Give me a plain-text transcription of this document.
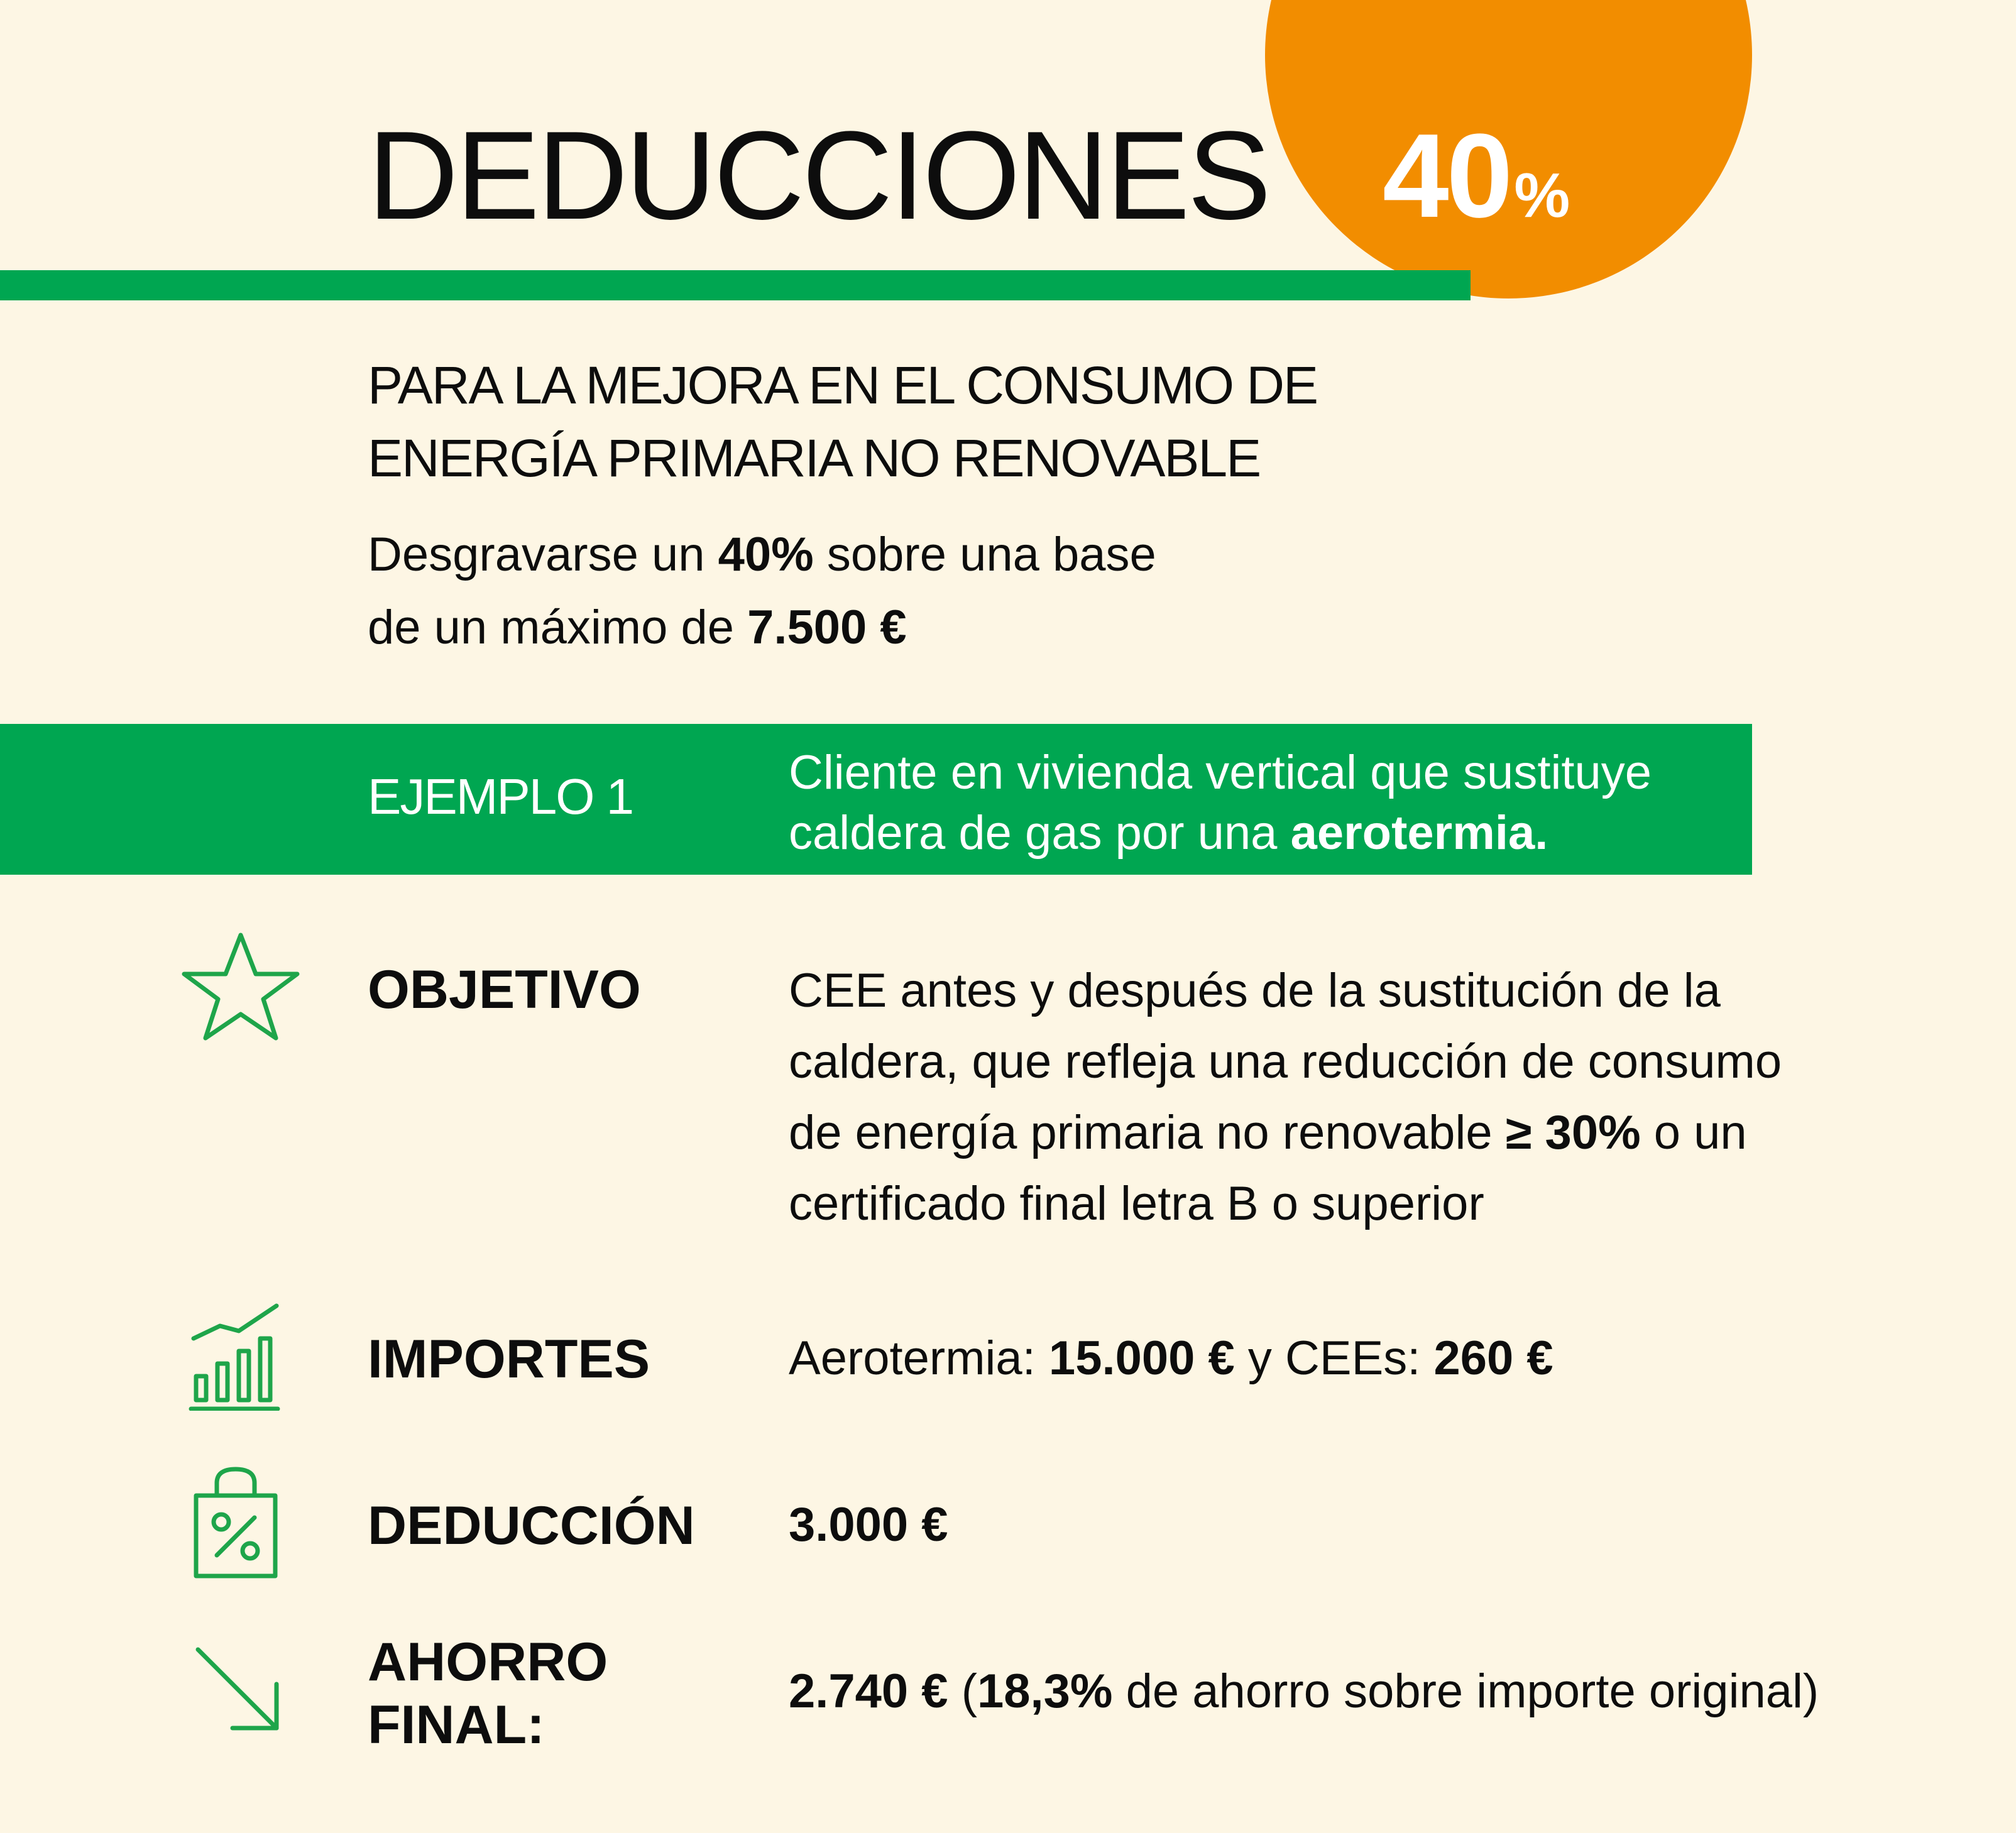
DEDUCCIONES 40%
PARA LA MEJORA EN EL CONSUMO DE
ENERGÍA PRIMARIA NO RENOVABLE
Desgravarse un 40% sobre una base
de un máximo de 7.500 €
EJEMPLO 1	Cliente en vivienda vertical que sustituye
caldera de gas por una aerotermia.
OBJETIVO	CEE antes y después de la sustitución de la
caldera, que refleja una reducción de consumo
de energía primaria no renovable ≥ 30% o un
certificado final letra B o superior
IMPORTES	Aerotermia: 15.000 € y CEEs: 260 €
DEDUCCIÓN 3.000 €
AHORRO
FINAL:
2.740 € (18,3% de ahorro sobre importe original)
